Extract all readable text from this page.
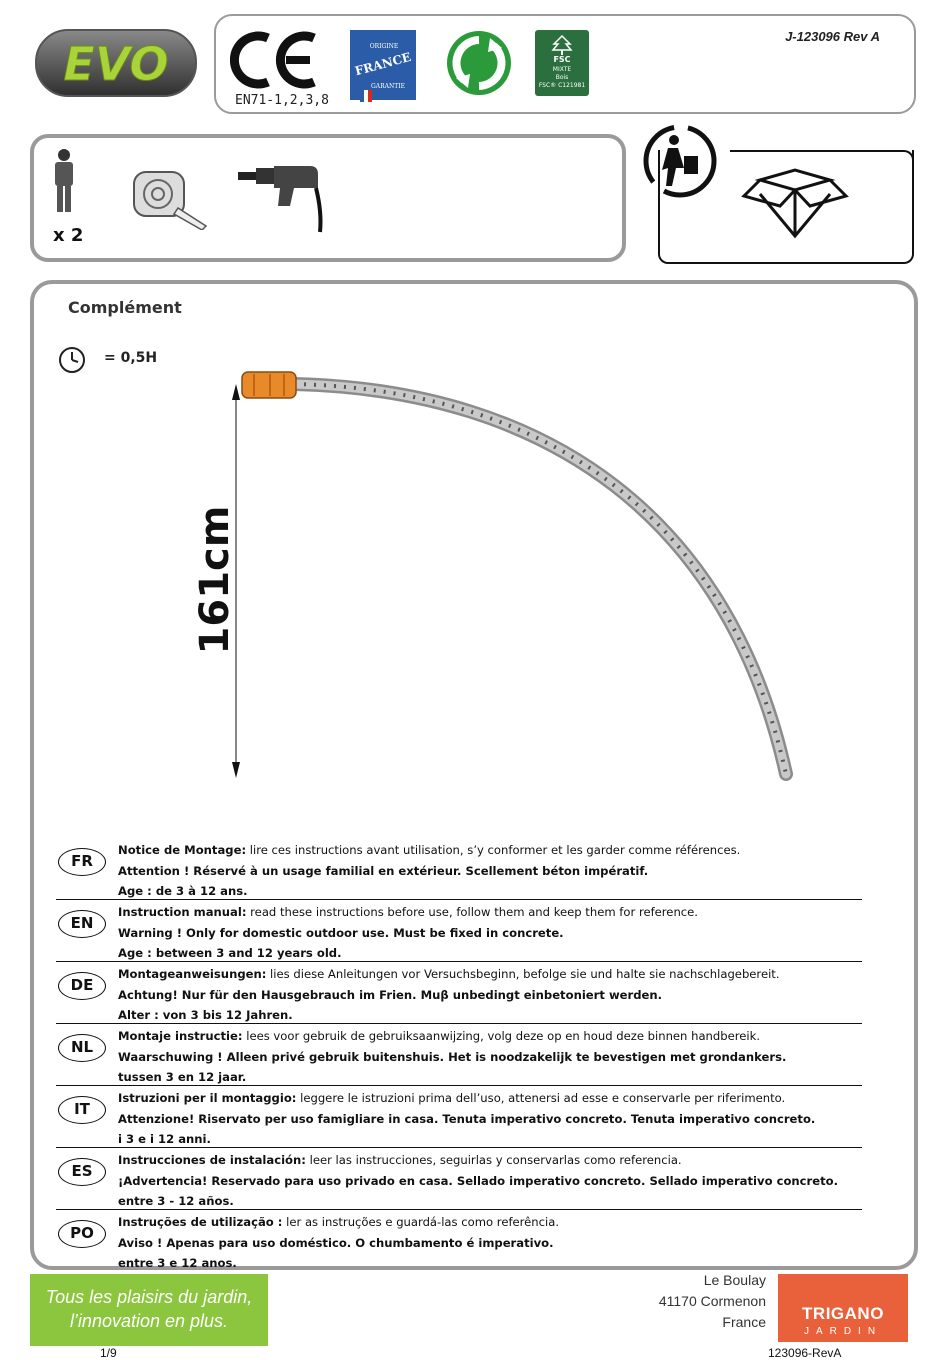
EVO
EN71-1,2,3,8
ORIGINE
FRANCE
GARANTIE
FSC
MIXTE
Bois
FSC® C121981
J-123096 Rev A
x 2
Complément
= 0,5H
161cm
FR
Notice de Montage: lire ces instructions avant utilisation, s’y conformer et les garder comme références.
Attention ! Réservé à un usage familial en extérieur. Scellement béton impératif.
Age : de 3 à 12 ans.
EN
Instruction manual: read these instructions before use, follow them and keep them for reference.
Warning ! Only for domestic outdoor use. Must be fixed in concrete.
Age : between 3 and 12 years old.
DE
Montageanweisungen: lies diese Anleitungen vor Versuchsbeginn, befolge sie und halte sie nachschlagebereit.
Achtung! Nur für den Hausgebrauch im Frien. Muβ unbedingt einbetoniert werden.
Alter : von 3 bis 12 Jahren.
NL
Montaje instructie: lees voor gebruik de gebruiksaanwijzing, volg deze op en houd deze binnen handbereik.
Waarschuwing ! Alleen privé gebruik buitenshuis. Het is noodzakelijk te bevestigen met grondankers.
tussen 3 en 12 jaar.
IT
Istruzioni per il montaggio: leggere le istruzioni prima dell’uso, attenersi ad esse e conservarle per riferimento.
Attenzione! Riservato per uso famigliare in casa. Tenuta imperativo concreto. Tenuta imperativo concreto.
i 3 e i 12 anni.
ES
Instrucciones de instalación: leer las instrucciones, seguirlas y conservarlas como referencia.
¡Advertencia! Reservado para uso privado en casa. Sellado imperativo concreto. Sellado imperativo concreto.
entre 3 - 12 años.
PO
Instruções de utilização : ler as instruções e guardá-las como referência.
Aviso ! Apenas para uso doméstico. O chumbamento é imperativo.
entre 3 e 12 anos.
Tous les plaisirs du jardin,
l’innovation en plus.
Le Boulay
41170 Cormenon
France	TRIGANO
JARDIN
1/9	123096-RevA
